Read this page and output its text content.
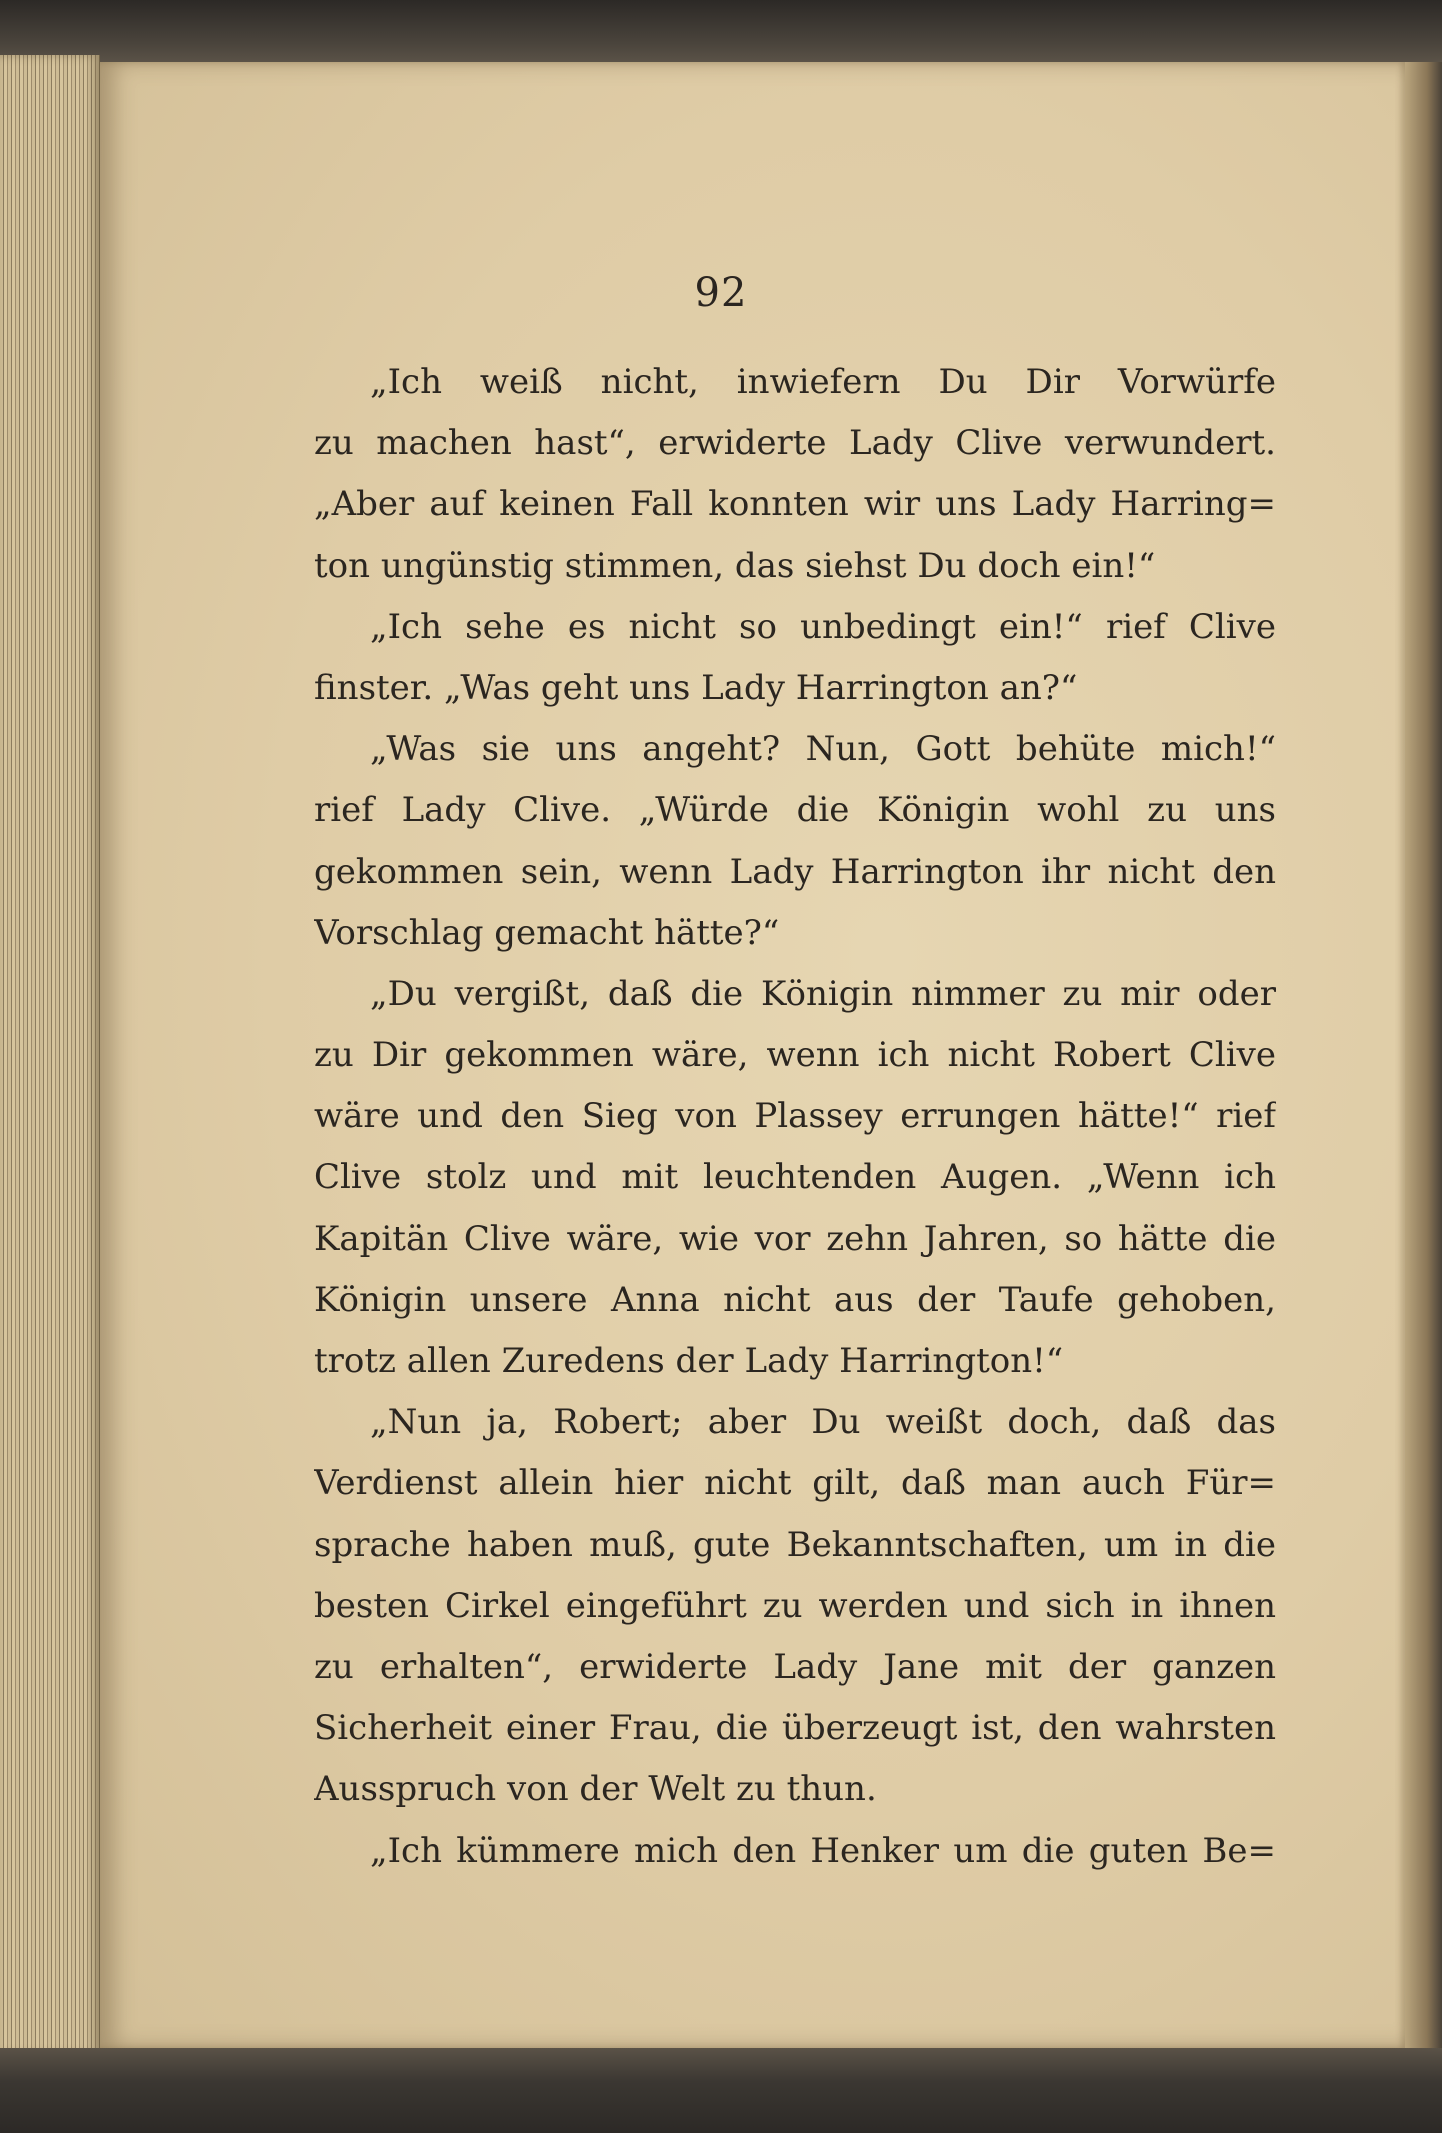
92
„Ich weiß nicht, inwiefern Du Dir Vorwürfe
zu machen hast“, erwiderte Lady Clive verwundert.
„Aber auf keinen Fall konnten wir uns Lady Harring=
ton ungünstig stimmen, das siehst Du doch ein!“
„Ich sehe es nicht so unbedingt ein!“ rief Clive
finster. „Was geht uns Lady Harrington an?“
„Was sie uns angeht? Nun, Gott behüte mich!“
rief Lady Clive. „Würde die Königin wohl zu uns
gekommen sein, wenn Lady Harrington ihr nicht den
Vorschlag gemacht hätte?“
„Du vergißt, daß die Königin nimmer zu mir oder
zu Dir gekommen wäre, wenn ich nicht Robert Clive
wäre und den Sieg von Plassey errungen hätte!“ rief
Clive stolz und mit leuchtenden Augen. „Wenn ich
Kapitän Clive wäre, wie vor zehn Jahren, so hätte die
Königin unsere Anna nicht aus der Taufe gehoben,
trotz allen Zuredens der Lady Harrington!“
„Nun ja, Robert; aber Du weißt doch, daß das
Verdienst allein hier nicht gilt, daß man auch Für=
sprache haben muß, gute Bekanntschaften, um in die
besten Cirkel eingeführt zu werden und sich in ihnen
zu erhalten“, erwiderte Lady Jane mit der ganzen
Sicherheit einer Frau, die überzeugt ist, den wahrsten
Ausspruch von der Welt zu thun.
„Ich kümmere mich den Henker um die guten Be=
